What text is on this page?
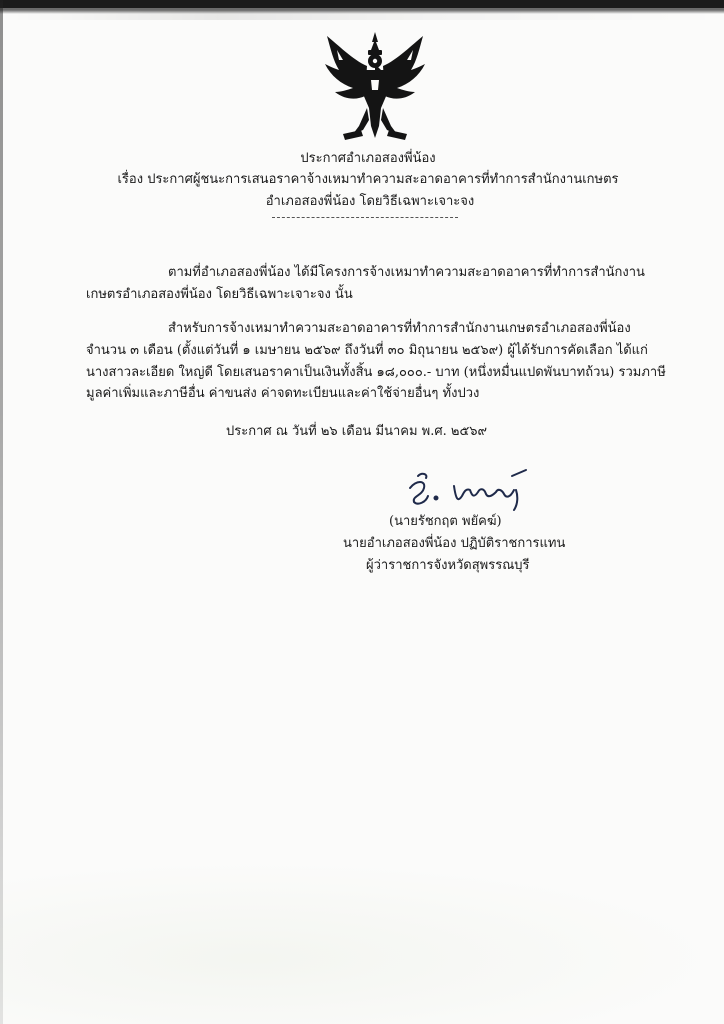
ประกาศอำเภอสองพี่น้อง
เรื่อง ประกาศผู้ชนะการเสนอราคาจ้างเหมาทำความสะอาดอาคารที่ทำการสำนักงานเกษตร
อำเภอสองพี่น้อง โดยวิธีเฉพาะเจาะจง
ตามที่อำเภอสองพี่น้อง ได้มีโครงการจ้างเหมาทำความสะอาดอาคารที่ทำการสำนักงาน
เกษตรอำเภอสองพี่น้อง โดยวิธีเฉพาะเจาะจง นั้น
สำหรับการจ้างเหมาทำความสะอาดอาคารที่ทำการสำนักงานเกษตรอำเภอสองพี่น้อง
จำนวน ๓ เดือน (ตั้งแต่วันที่ ๑ เมษายน ๒๕๖๙ ถึงวันที่ ๓๐ มิถุนายน ๒๕๖๙) ผู้ได้รับการคัดเลือก ได้แก่
นางสาวละเอียด ใหญ่ดี โดยเสนอราคาเป็นเงินทั้งสิ้น ๑๘,๐๐๐.- บาท (หนึ่งหมื่นแปดพันบาทถ้วน) รวมภาษี
มูลค่าเพิ่มและภาษีอื่น ค่าขนส่ง ค่าจดทะเบียนและค่าใช้จ่ายอื่นๆ ทั้งปวง
ประกาศ ณ วันที่ ๒๖ เดือน มีนาคม พ.ศ. ๒๕๖๙
(นายรัชกฤต พยัคฆ์)
นายอำเภอสองพี่น้อง ปฏิบัติราชการแทน
ผู้ว่าราชการจังหวัดสุพรรณบุรี
